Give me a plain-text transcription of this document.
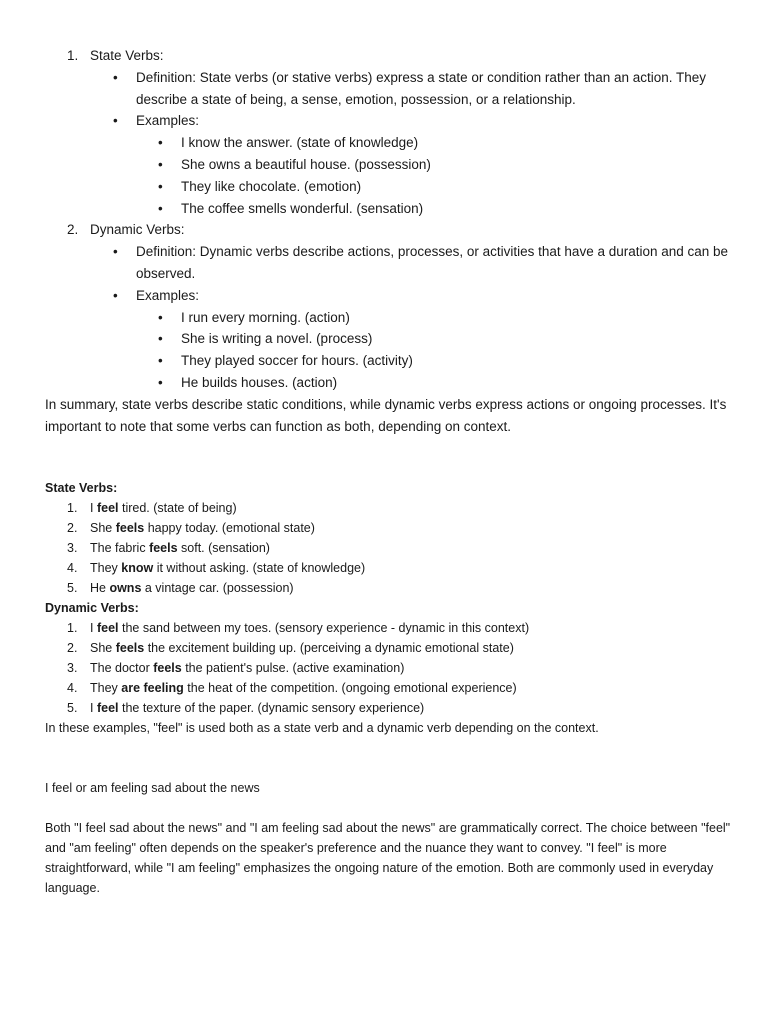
1. State Verbs:
• Definition: State verbs (or stative verbs) express a state or condition rather than an action. They describe a state of being, a sense, emotion, possession, or a relationship.
• Examples:
• I know the answer. (state of knowledge)
• She owns a beautiful house. (possession)
• They like chocolate. (emotion)
• The coffee smells wonderful. (sensation)
2. Dynamic Verbs:
• Definition: Dynamic verbs describe actions, processes, or activities that have a duration and can be observed.
• Examples:
• I run every morning. (action)
• She is writing a novel. (process)
• They played soccer for hours. (activity)
• He builds houses. (action)

In summary, state verbs describe static conditions, while dynamic verbs express actions or ongoing processes. It's important to note that some verbs can function as both, depending on context.

State Verbs:
1. I feel tired. (state of being)
2. She feels happy today. (emotional state)
3. The fabric feels soft. (sensation)
4. They know it without asking. (state of knowledge)
5. He owns a vintage car. (possession)
Dynamic Verbs:
1. I feel the sand between my toes. (sensory experience - dynamic in this context)
2. She feels the excitement building up. (perceiving a dynamic emotional state)
3. The doctor feels the patient's pulse. (active examination)
4. They are feeling the heat of the competition. (ongoing emotional experience)
5. I feel the texture of the paper. (dynamic sensory experience)

In these examples, "feel" is used both as a state verb and a dynamic verb depending on the context.

I feel or am feeling sad about the news

Both "I feel sad about the news" and "I am feeling sad about the news" are grammatically correct. The choice between "feel" and "am feeling" often depends on the speaker's preference and the nuance they want to convey. "I feel" is more straightforward, while "I am feeling" emphasizes the ongoing nature of the emotion. Both are commonly used in everyday language.
